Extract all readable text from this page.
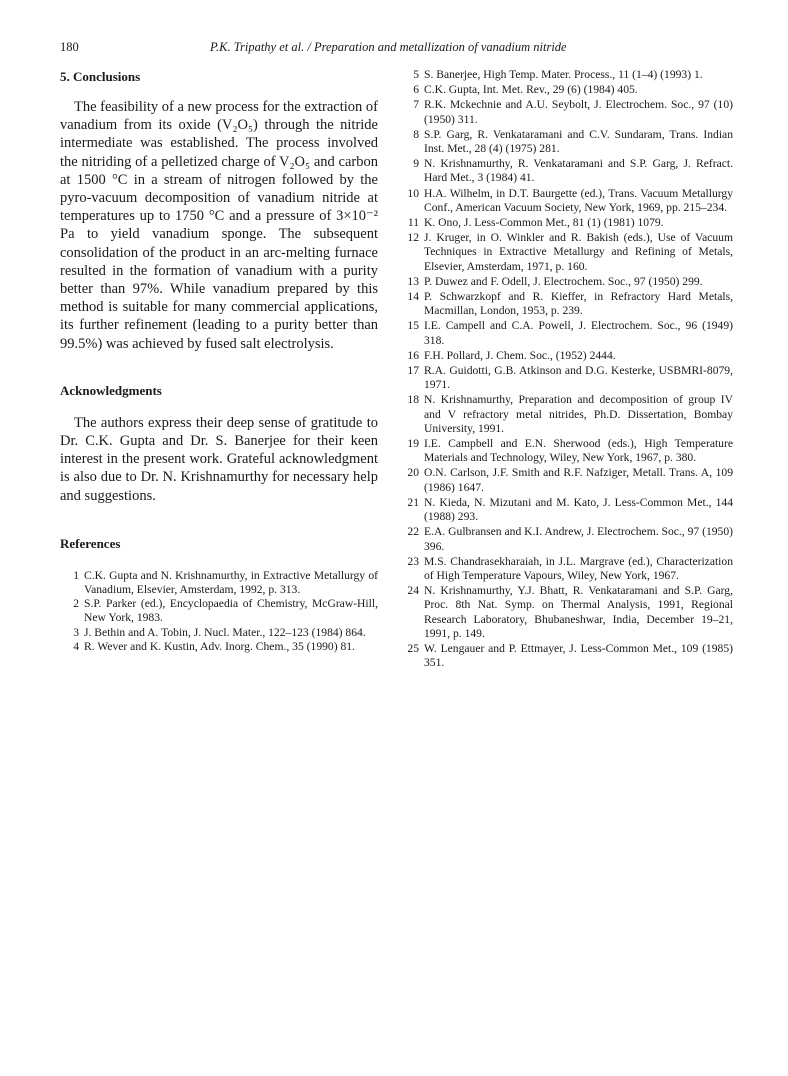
180	P.K. Tripathy et al. / Preparation and metallization of vanadium nitride
5. Conclusions

The feasibility of a new process for the extraction of vanadium from its oxide (V₂O₅) through the nitride intermediate was established. The process involved the nitriding of a pelletized charge of V₂O₅ and carbon at 1500 °C in a stream of nitrogen followed by the pyro-vacuum decomposition of vanadium nitride at temperatures up to 1750 °C and a pressure of 3×10⁻² Pa to yield vanadium sponge. The subsequent consolidation of the product in an arc-melting furnace resulted in the formation of vanadium with a purity better than 97%. While vanadium prepared by this method is suitable for many commercial applications, its further refinement (leading to a purity better than 99.5%) was achieved by fused salt electrolysis.

Acknowledgments

The authors express their deep sense of gratitude to Dr. C.K. Gupta and Dr. S. Banerjee for their keen interest in the present work. Grateful acknowledgment is also due to Dr. N. Krishnamurthy for necessary help and suggestions.

References
1 C.K. Gupta and N. Krishnamurthy, in Extractive Metallurgy of Vanadium, Elsevier, Amsterdam, 1992, p. 313.
2 S.P. Parker (ed.), Encyclopaedia of Chemistry, McGraw-Hill, New York, 1983.
3 J. Bethin and A. Tobin, J. Nucl. Mater., 122–123 (1984) 864.
4 R. Wever and K. Kustin, Adv. Inorg. Chem., 35 (1990) 81.
5 S. Banerjee, High Temp. Mater. Process., 11 (1–4) (1993) 1.
6 C.K. Gupta, Int. Met. Rev., 29 (6) (1984) 405.
7 R.K. Mckechnie and A.U. Seybolt, J. Electrochem. Soc., 97 (10) (1950) 311.
8 S.P. Garg, R. Venkataramani and C.V. Sundaram, Trans. Indian Inst. Met., 28 (4) (1975) 281.
9 N. Krishnamurthy, R. Venkataramani and S.P. Garg, J. Refract. Hard Met., 3 (1984) 41.
10 H.A. Wilhelm, in D.T. Baurgette (ed.), Trans. Vacuum Metallurgy Conf., American Vacuum Society, New York, 1969, pp. 215–234.
11 K. Ono, J. Less-Common Met., 81 (1) (1981) 1079.
12 J. Kruger, in O. Winkler and R. Bakish (eds.), Use of Vacuum Techniques in Extractive Metallurgy and Refining of Metals, Elsevier, Amsterdam, 1971, p. 160.
13 P. Duwez and F. Odell, J. Electrochem. Soc., 97 (1950) 299.
14 P. Schwarzkopf and R. Kieffer, in Refractory Hard Metals, Macmillan, London, 1953, p. 239.
15 I.E. Campell and C.A. Powell, J. Electrochem. Soc., 96 (1949) 318.
16 F.H. Pollard, J. Chem. Soc., (1952) 2444.
17 R.A. Guidotti, G.B. Atkinson and D.G. Kesterke, USBMRI-8079, 1971.
18 N. Krishnamurthy, Preparation and decomposition of group IV and V refractory metal nitrides, Ph.D. Dissertation, Bombay University, 1991.
19 I.E. Campbell and E.N. Sherwood (eds.), High Temperature Materials and Technology, Wiley, New York, 1967, p. 380.
20 O.N. Carlson, J.F. Smith and R.F. Nafziger, Metall. Trans. A, 109 (1986) 1647.
21 N. Kieda, N. Mizutani and M. Kato, J. Less-Common Met., 144 (1988) 293.
22 E.A. Gulbransen and K.I. Andrew, J. Electrochem. Soc., 97 (1950) 396.
23 M.S. Chandrasekharaiah, in J.L. Margrave (ed.), Characterization of High Temperature Vapours, Wiley, New York, 1967.
24 N. Krishnamurthy, Y.J. Bhatt, R. Venkataramani and S.P. Garg, Proc. 8th Nat. Symp. on Thermal Analysis, 1991, Regional Research Laboratory, Bhubaneshwar, India, December 19–21, 1991, p. 149.
25 W. Lengauer and P. Ettmayer, J. Less-Common Met., 109 (1985) 351.
